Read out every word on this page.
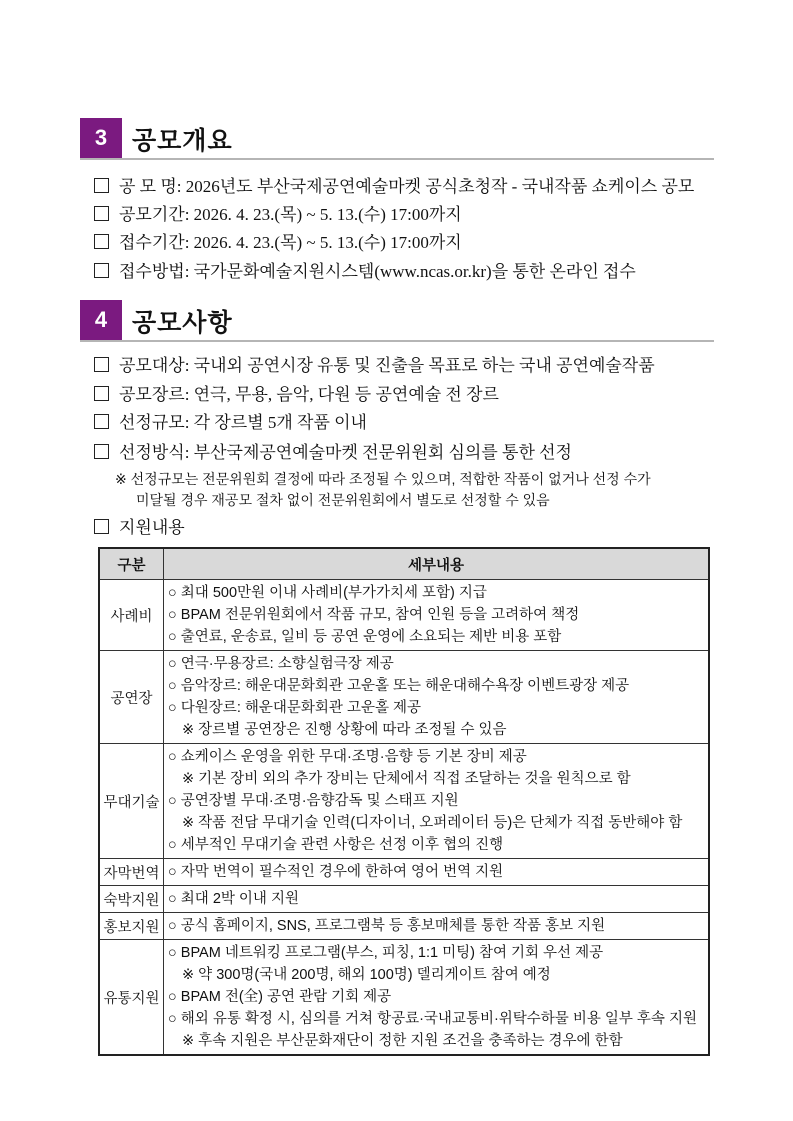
3 공모개요
공 모 명: 2026년도 부산국제공연예술마켓 공식초청작 - 국내작품 쇼케이스 공모
공모기간: 2026. 4. 23.(목) ~ 5. 13.(수) 17:00까지
접수기간: 2026. 4. 23.(목) ~ 5. 13.(수) 17:00까지
접수방법: 국가문화예술지원시스템(www.ncas.or.kr)을 통한 온라인 접수
4 공모사항
공모대상: 국내외 공연시장 유통 및 진출을 목표로 하는 국내 공연예술작품
공모장르: 연극, 무용, 음악, 다원 등 공연예술 전 장르
선정규모: 각 장르별 5개 작품 이내
선정방식: 부산국제공연예술마켓 전문위원회 심의를 통한 선정
※ 선정규모는 전문위원회 결정에 따라 조정될 수 있으며, 적합한 작품이 없거나 선정 수가
미달될 경우 재공모 절차 없이 전문위원회에서 별도로 선정할 수 있음
지원내용
구분	세부내용
사례비	○ 최대 500만원 이내 사례비(부가가치세 포함) 지급
○ BPAM 전문위원회에서 작품 규모, 참여 인원 등을 고려하여 책정
○ 출연료, 운송료, 일비 등 공연 운영에 소요되는 제반 비용 포함

공연장	○ 연극·무용장르: 소향실험극장 제공
○ 음악장르: 해운대문화회관 고운홀 또는 해운대해수욕장 이벤트광장 제공
○ 다원장르: 해운대문화회관 고운홀 제공
※ 장르별 공연장은 진행 상황에 따라 조정될 수 있음

무대기술	○ 쇼케이스 운영을 위한 무대·조명·음향 등 기본 장비 제공
※ 기본 장비 외의 추가 장비는 단체에서 직접 조달하는 것을 원칙으로 함
○ 공연장별 무대·조명·음향감독 및 스태프 지원
※ 작품 전담 무대기술 인력(디자이너, 오퍼레이터 등)은 단체가 직접 동반해야 함
○ 세부적인 무대기술 관련 사항은 선정 이후 협의 진행

자막번역	○ 자막 번역이 필수적인 경우에 한하여 영어 번역 지원

숙박지원	○ 최대 2박 이내 지원

홍보지원	○ 공식 홈페이지, SNS, 프로그램북 등 홍보매체를 통한 작품 홍보 지원

유통지원	○ BPAM 네트워킹 프로그램(부스, 피칭, 1:1 미팅) 참여 기회 우선 제공
※ 약 300명(국내 200명, 해외 100명) 델리게이트 참여 예정
○ BPAM 전(全) 공연 관람 기회 제공
○ 해외 유통 확정 시, 심의를 거쳐 항공료·국내교통비·위탁수하물 비용 일부 후속 지원
※ 후속 지원은 부산문화재단이 정한 지원 조건을 충족하는 경우에 한함
